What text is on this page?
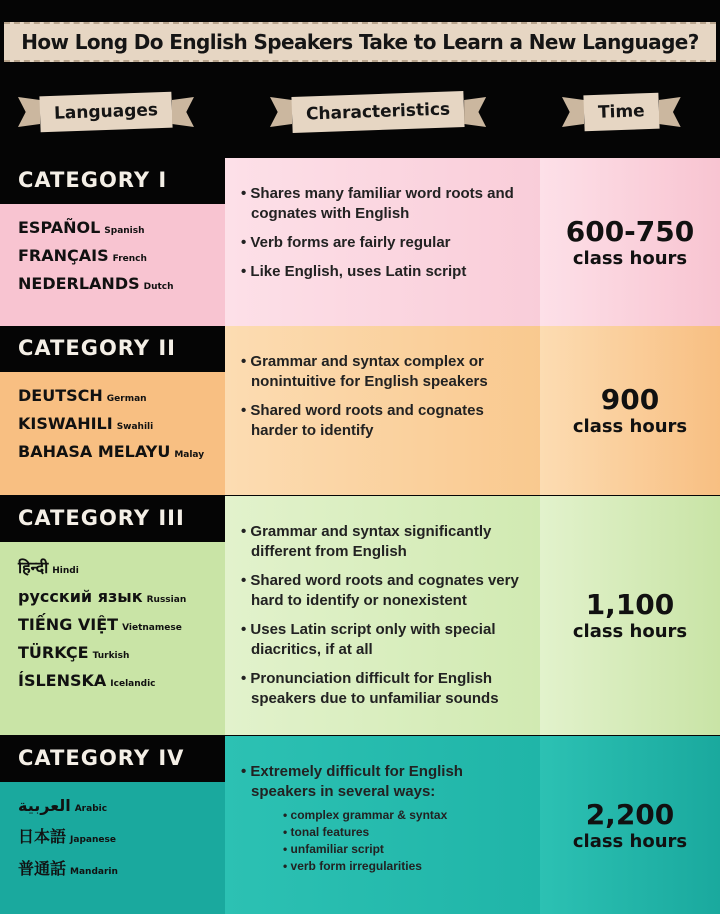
How Long Do English Speakers Take to Learn a New Language?
Languages	Characteristics	Time
CATEGORY I
ESPAÑOL Spanish
FRANÇAIS French
NEDERLANDS Dutch
• Shares many familiar word roots and cognates with English
• Verb forms are fairly regular
• Like English, uses Latin script
600-750
class hours
CATEGORY II
DEUTSCH German
KISWAHILI Swahili
BAHASA MELAYU Malay
• Grammar and syntax complex or nonintuitive for English speakers
• Shared word roots and cognates harder to identify
900
class hours
CATEGORY III
हिन्दी Hindi
русский язык Russian
TIẾNG VIỆT Vietnamese
TÜRKÇE Turkish
ÍSLENSKA Icelandic
• Grammar and syntax significantly different from English
• Shared word roots and cognates very hard to identify or nonexistent
• Uses Latin script only with special diacritics, if at all
• Pronunciation difficult for English speakers due to unfamiliar sounds
1,100
class hours
CATEGORY IV
العربية Arabic
日本語 Japanese
普通話 Mandarin
• Extremely difficult for English speakers in several ways:
• complex grammar & syntax
• tonal features
• unfamiliar script
• verb form irregularities
2,200
class hours
